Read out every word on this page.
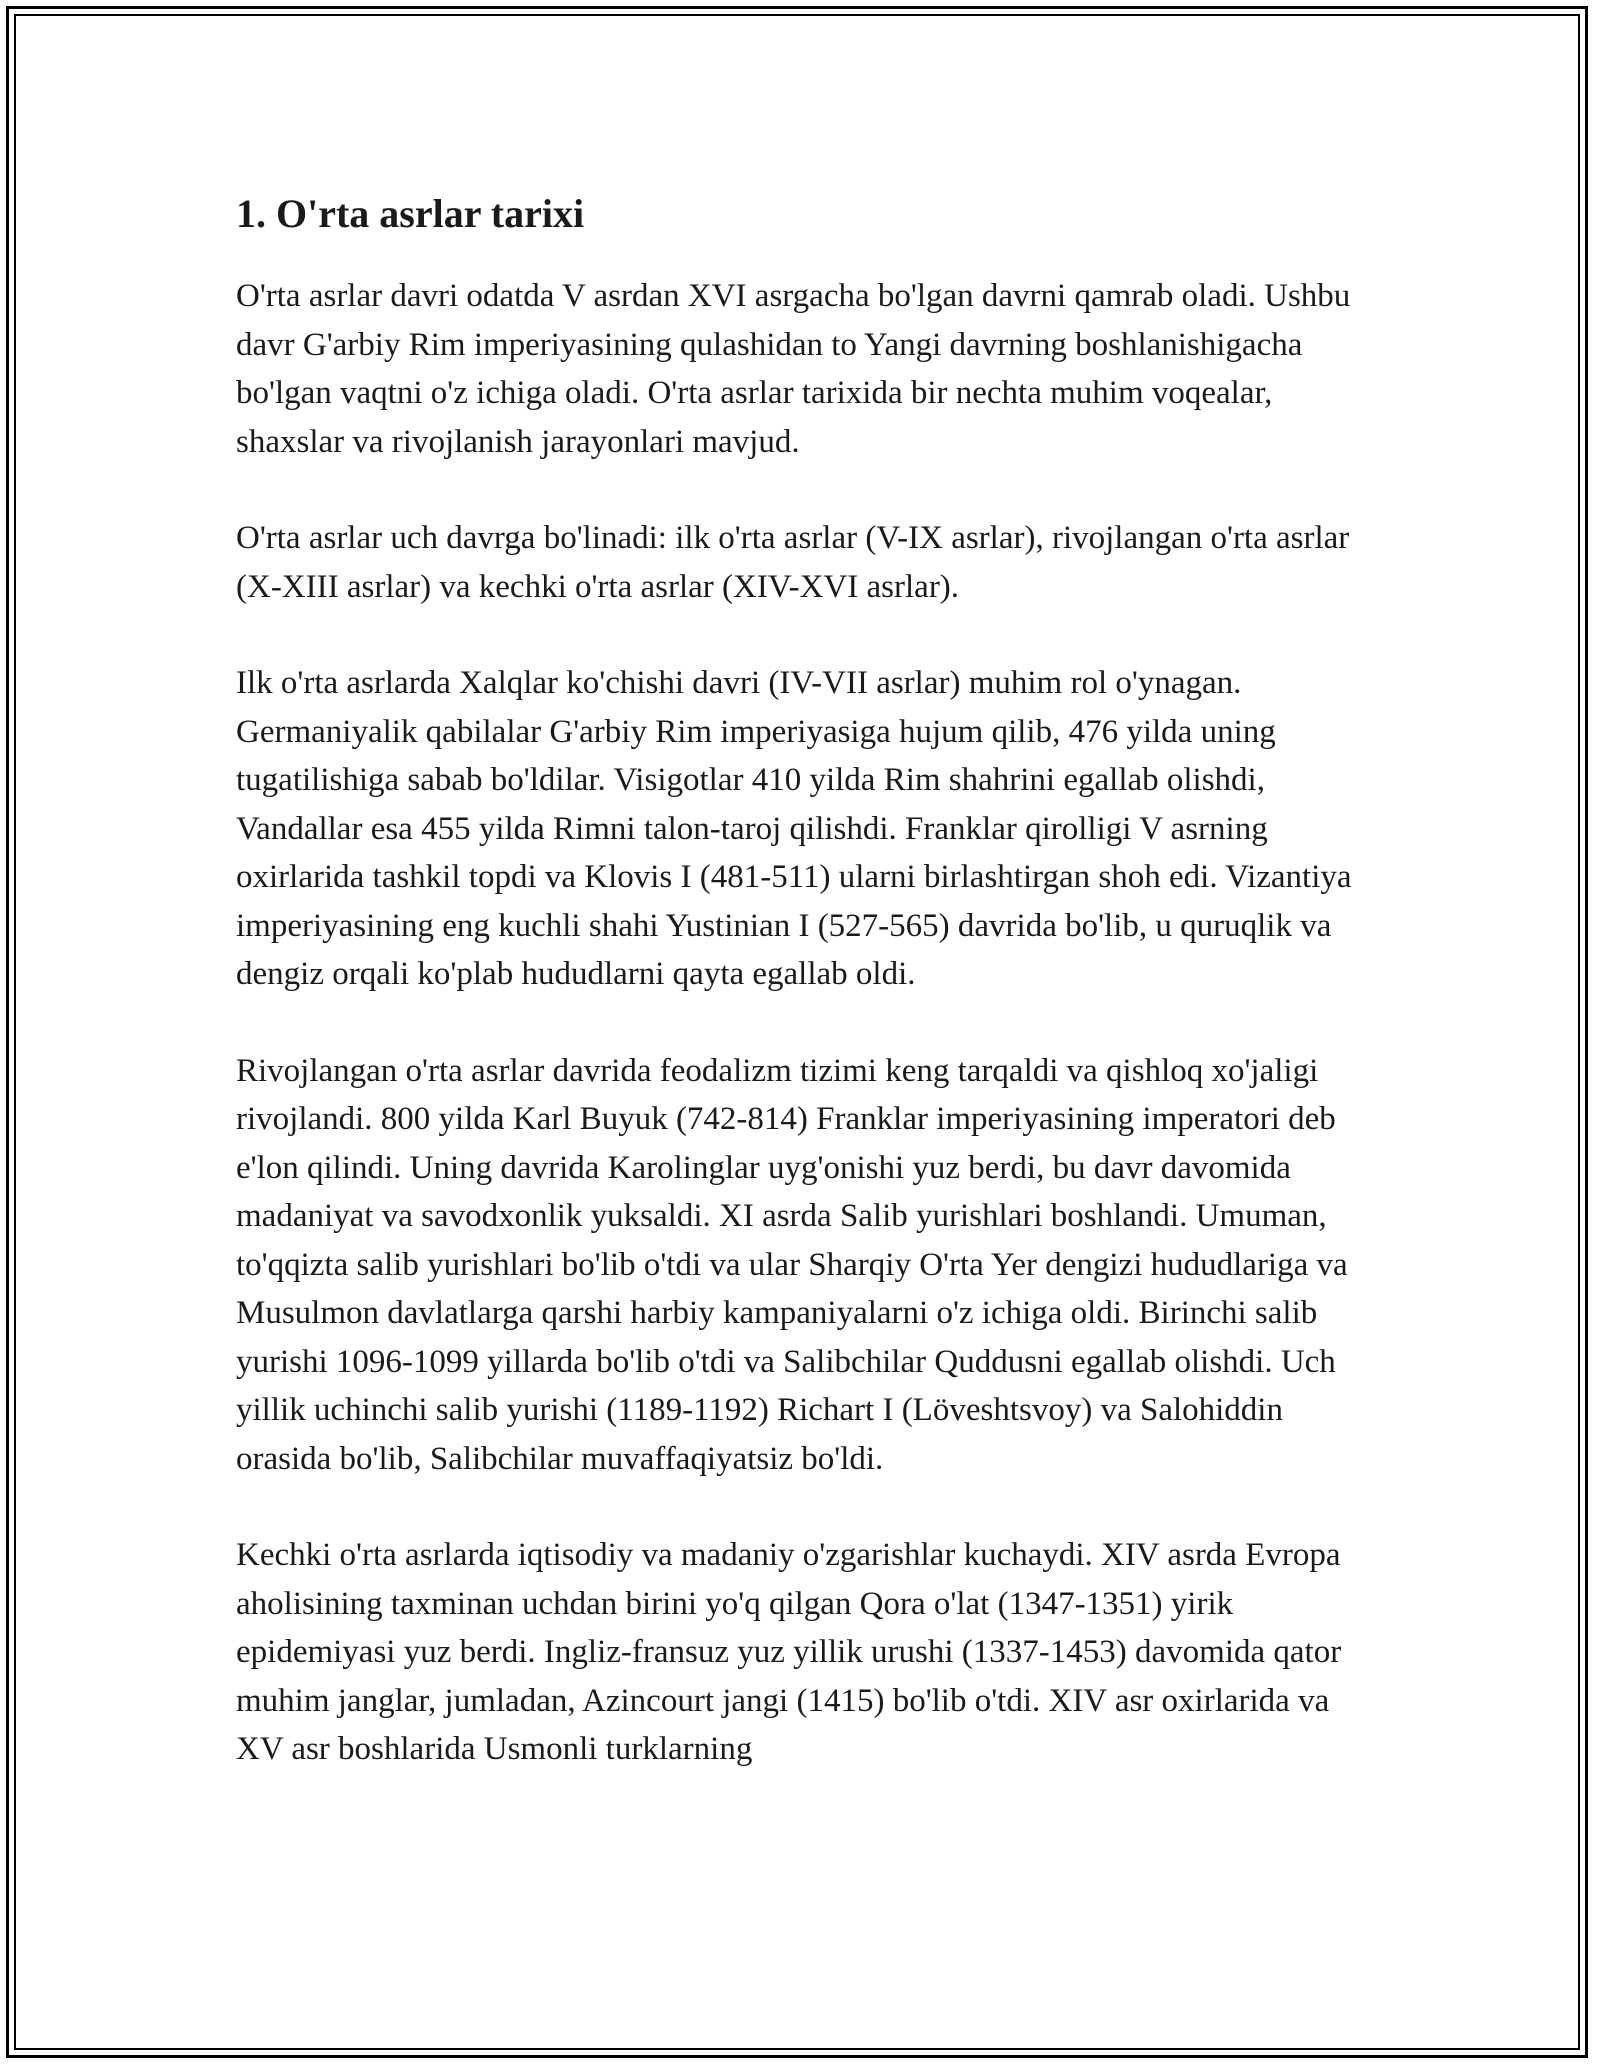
1. O'rta asrlar tarixi

O'rta asrlar davri odatda V asrdan XVI asrgacha bo'lgan davrni qamrab oladi. Ushbu davr G'arbiy Rim imperiyasining qulashidan to Yangi davrning boshlanishigacha bo'lgan vaqtni o'z ichiga oladi. O'rta asrlar tarixida bir nechta muhim voqealar, shaxslar va rivojlanish jarayonlari mavjud.

O'rta asrlar uch davrga bo'linadi: ilk o'rta asrlar (V-IX asrlar), rivojlangan o'rta asrlar (X-XIII asrlar) va kechki o'rta asrlar (XIV-XVI asrlar).

Ilk o'rta asrlarda Xalqlar ko'chishi davri (IV-VII asrlar) muhim rol o'ynagan. Germaniyalik qabilalar G'arbiy Rim imperiyasiga hujum qilib, 476 yilda uning tugatilishiga sabab bo'ldilar. Visigotlar 410 yilda Rim shahrini egallab olishdi, Vandallar esa 455 yilda Rimni talon-taroj qilishdi. Franklar qirolligi V asrning oxirlarida tashkil topdi va Klovis I (481-511) ularni birlashtirgan shoh edi. Vizantiya imperiyasining eng kuchli shahi Yustinian I (527-565) davrida bo'lib, u quruqlik va dengiz orqali ko'plab hududlarni qayta egallab oldi.

Rivojlangan o'rta asrlar davrida feodalizm tizimi keng tarqaldi va qishloq xo'jaligi rivojlandi. 800 yilda Karl Buyuk (742-814) Franklar imperiyasining imperatori deb e'lon qilindi. Uning davrida Karolinglar uyg'onishi yuz berdi, bu davr davomida madaniyat va savodxonlik yuksaldi. XI asrda Salib yurishlari boshlandi. Umuman, to'qqizta salib yurishlari bo'lib o'tdi va ular Sharqiy O'rta Yer dengizi hududlariga va Musulmon davlatlarga qarshi harbiy kampaniyalarni o'z ichiga oldi. Birinchi salib yurishi 1096-1099 yillarda bo'lib o'tdi va Salibchilar Quddusni egallab olishdi. Uch yillik uchinchi salib yurishi (1189-1192) Richart I (Löveshtsvoy) va Salohiddin orasida bo'lib, Salibchilar muvaffaqiyatsiz bo'ldi.

Kechki o'rta asrlarda iqtisodiy va madaniy o'zgarishlar kuchaydi. XIV asrda Evropa aholisining taxminan uchdan birini yo'q qilgan Qora o'lat (1347-1351) yirik epidemiyasi yuz berdi. Ingliz-fransuz yuz yillik urushi (1337-1453) davomida qator muhim janglar, jumladan, Azincourt jangi (1415) bo'lib o'tdi. XIV asr oxirlarida va XV asr boshlarida Usmonli turklarning
